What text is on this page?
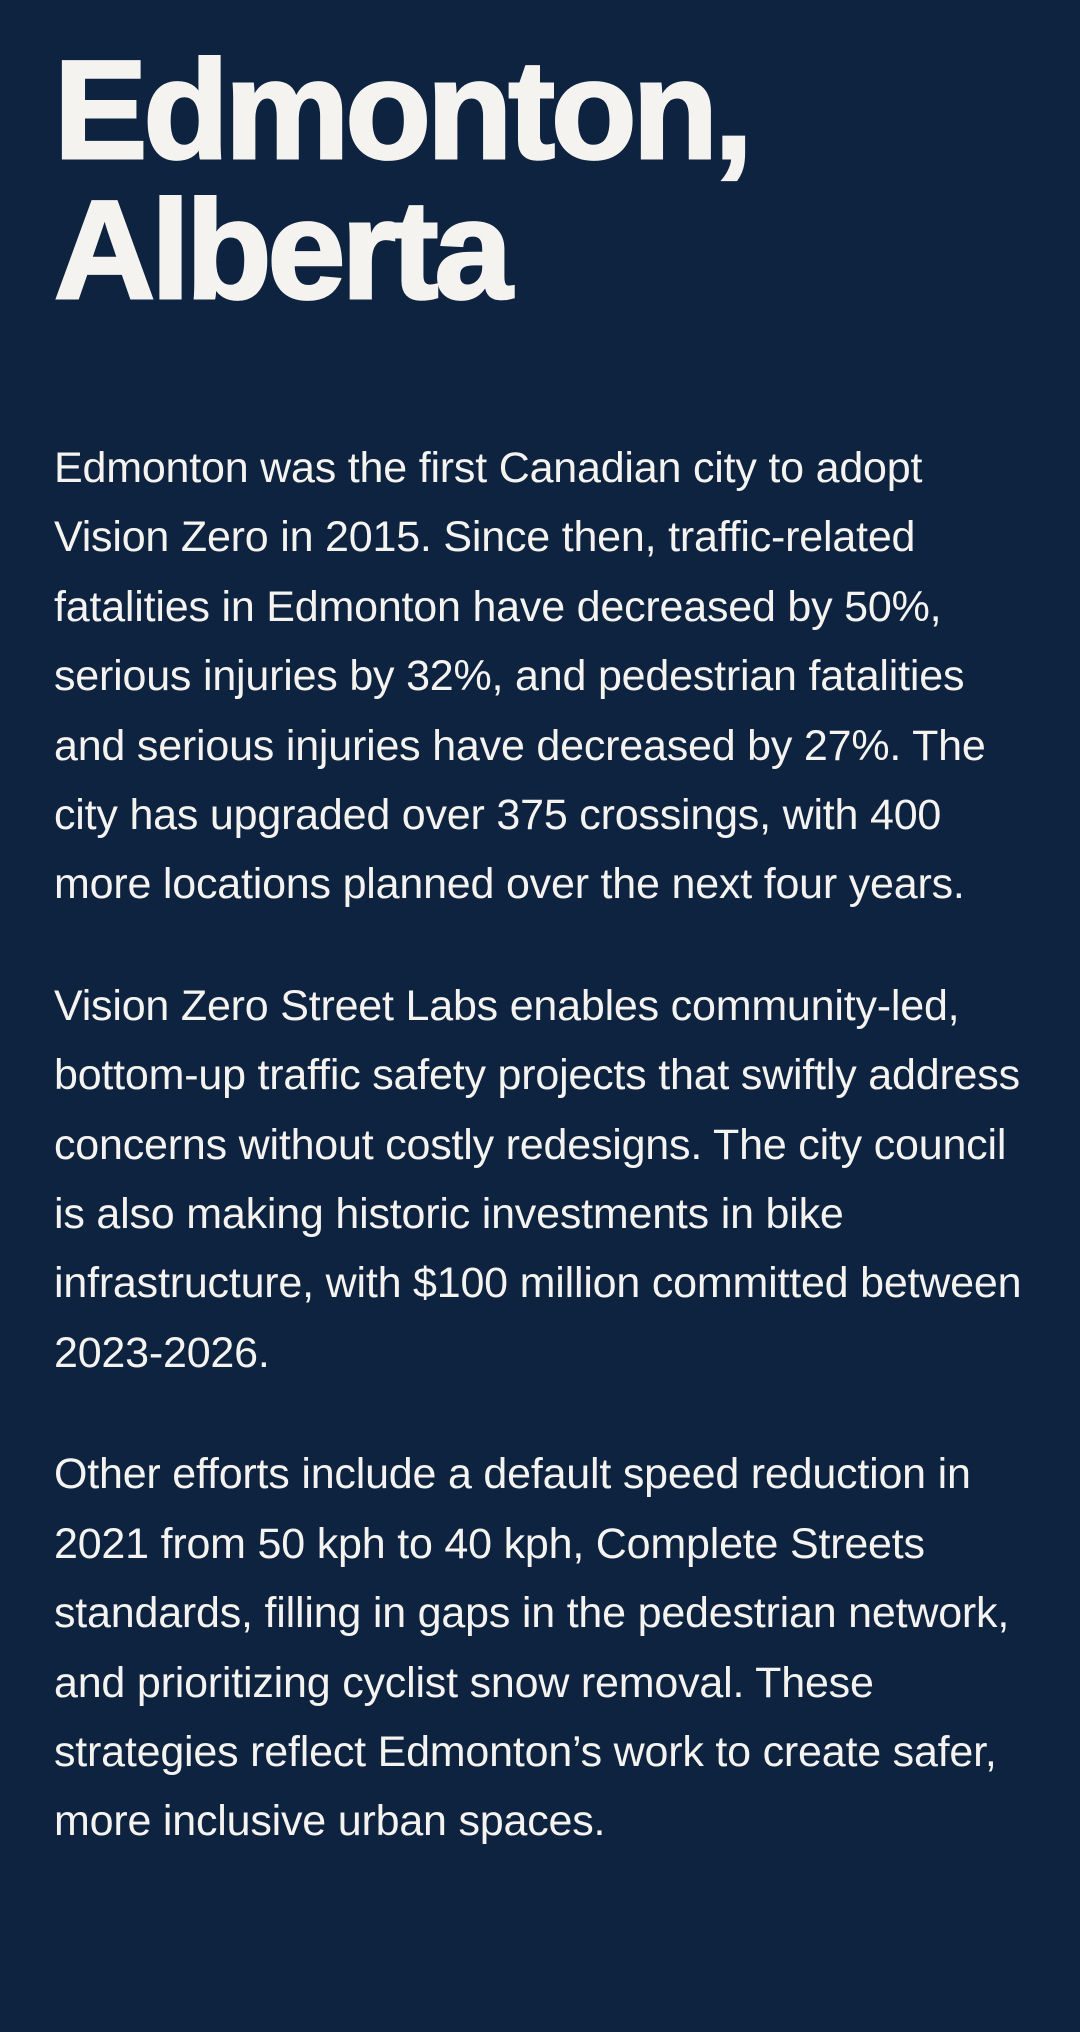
Edmonton,
Alberta

Edmonton was the first Canadian city to adopt Vision Zero in 2015. Since then, traffic-related fatalities in Edmonton have decreased by 50%, serious injuries by 32%, and pedestrian fatalities and serious injuries have decreased by 27%. The city has upgraded over 375 crossings, with 400 more locations planned over the next four years.

Vision Zero Street Labs enables community-led, bottom-up traffic safety projects that swiftly address concerns without costly redesigns. The city council is also making historic investments in bike infrastructure, with $100 million committed between 2023-2026.

Other efforts include a default speed reduction in 2021 from 50 kph to 40 kph, Complete Streets standards, filling in gaps in the pedestrian network, and prioritizing cyclist snow removal. These strategies reflect Edmonton’s work to create safer, more inclusive urban spaces.
